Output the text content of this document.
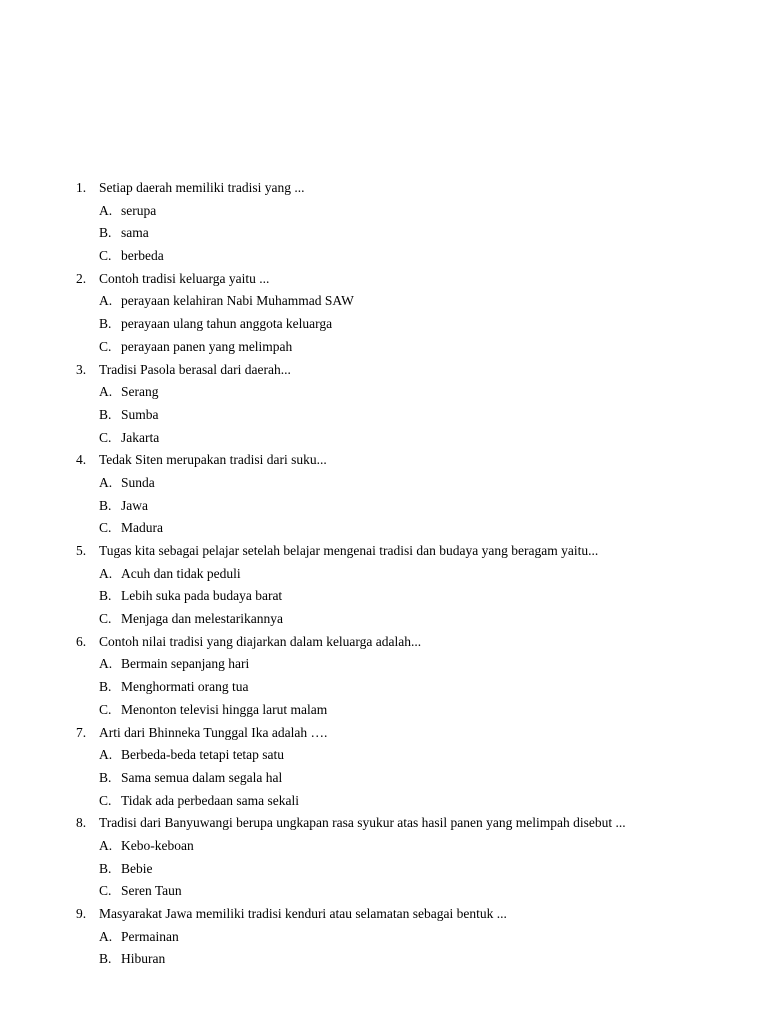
1. Setiap daerah memiliki tradisi yang ...
A. serupa
B. sama
C. berbeda
2. Contoh tradisi keluarga yaitu ...
A. perayaan kelahiran Nabi Muhammad SAW
B. perayaan ulang tahun anggota keluarga
C. perayaan panen yang melimpah
3. Tradisi Pasola berasal dari daerah...
A. Serang
B. Sumba
C. Jakarta
4. Tedak Siten merupakan tradisi dari suku...
A. Sunda
B. Jawa
C. Madura
5. Tugas kita sebagai pelajar setelah belajar mengenai tradisi dan budaya yang beragam yaitu...
A. Acuh dan tidak peduli
B. Lebih suka pada budaya barat
C. Menjaga dan melestarikannya
6. Contoh nilai tradisi yang diajarkan dalam keluarga adalah...
A. Bermain sepanjang hari
B. Menghormati orang tua
C. Menonton televisi hingga larut malam
7. Arti dari Bhinneka Tunggal Ika adalah ….
A. Berbeda-beda tetapi tetap satu
B. Sama semua dalam segala hal
C. Tidak ada perbedaan sama sekali
8. Tradisi dari Banyuwangi berupa ungkapan rasa syukur atas hasil panen yang melimpah disebut ...
A. Kebo-keboan
B. Bebie
C. Seren Taun
9. Masyarakat Jawa memiliki tradisi kenduri atau selamatan sebagai bentuk ...
A. Permainan
B. Hiburan
